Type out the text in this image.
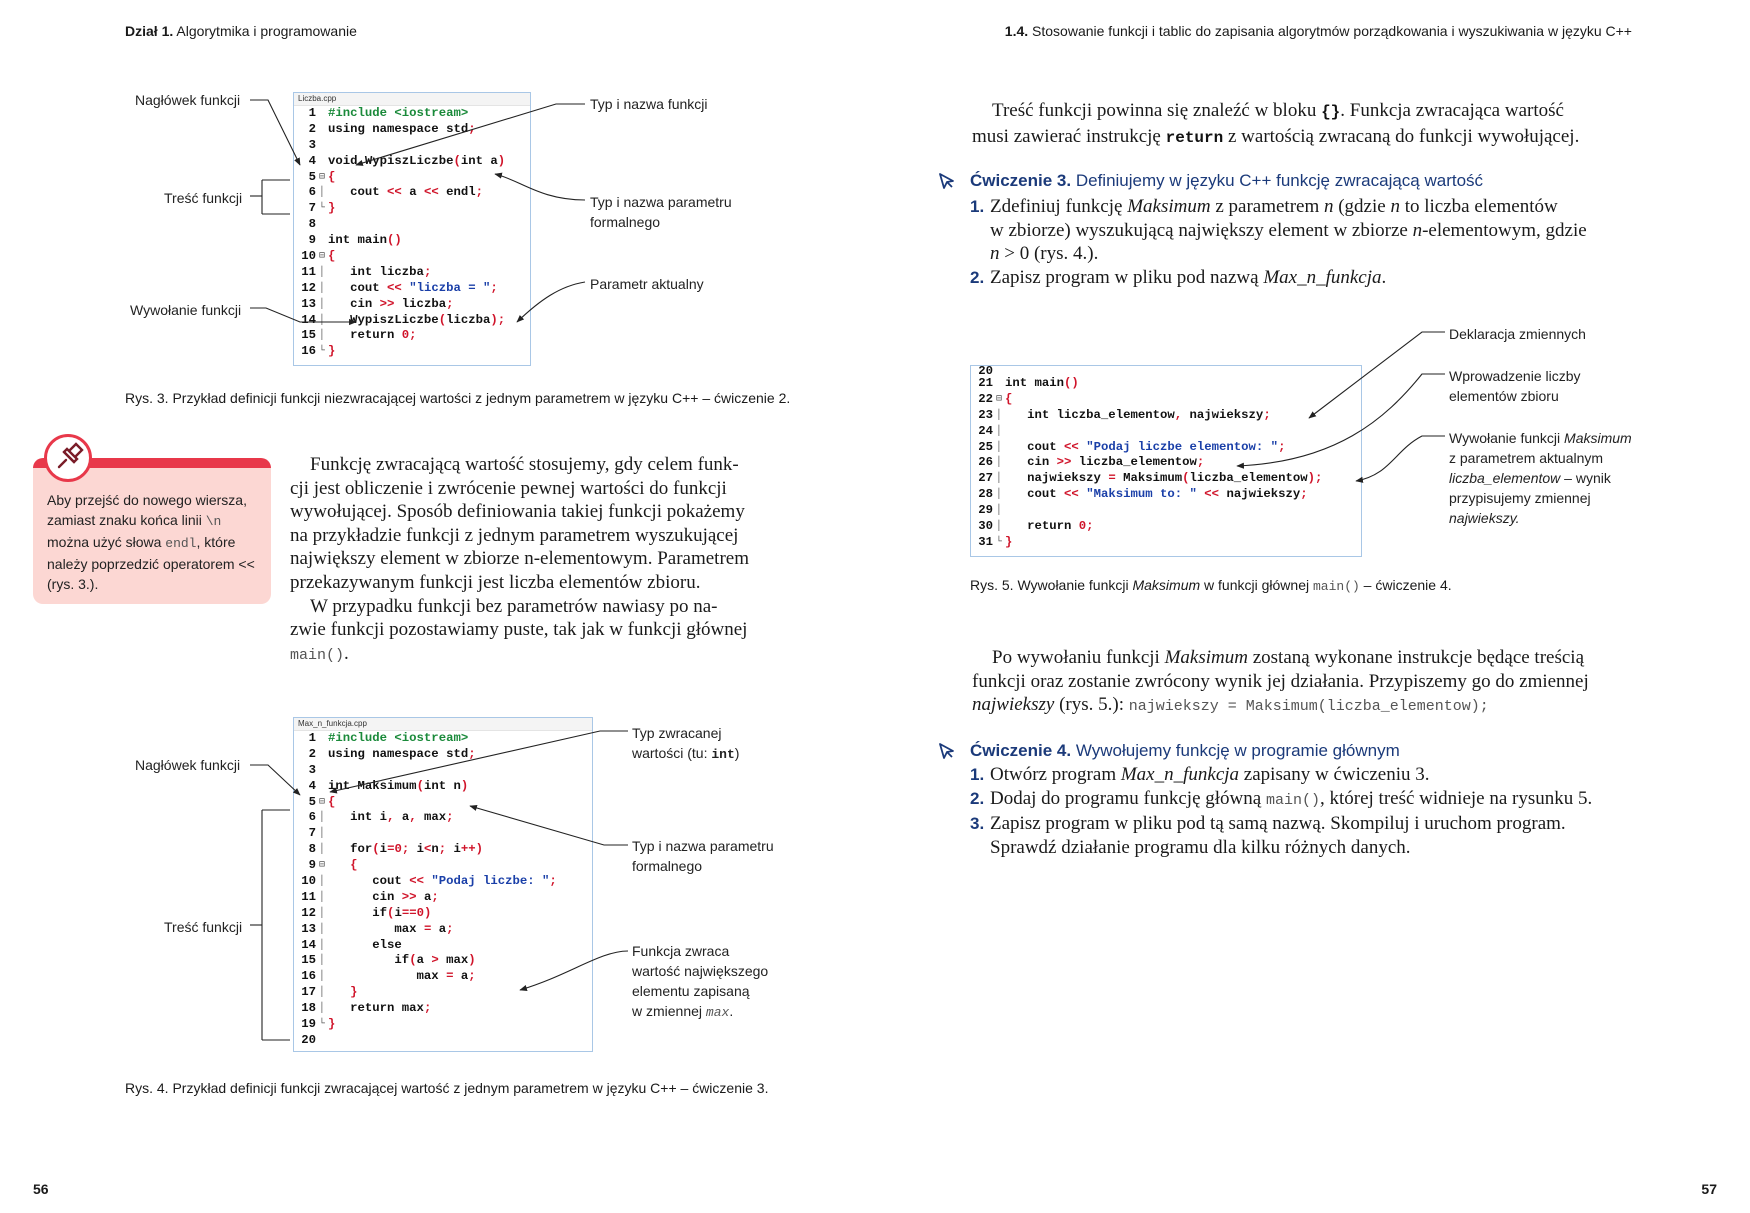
Dział 1. Algorytmika i programowanie	1.4. Stosowanie funkcji i tablic do zapisania algorytmów porządkowania i wyszukiwania w języku C++
Liczba.cpp
1 #include <iostream>
2 using namespace std;
3
4 void WypiszLiczbe(int a)
5 ⊟ {
6 │ cout << a << endl;
7 └ }
8
9 int main()
10 ⊟ {
11 │ int liczba;
12 │ cout << "liczba = ";
13 │ cin >> liczba;
14 │ WypiszLiczbe(liczba);
15 │ return 0;
16 └ }
Nagłówek funkcji
Treść funkcji
Wywołanie funkcji
Typ i nazwa funkcji
Typ i nazwa parametru
formalnego
Parametr aktualny
Rys. 3. Przykład definicji funkcji niezwracającej wartości z jednym parametrem w języku C++ – ćwiczenie 2.
Aby przejść do nowego wiersza,
zamiast znaku końca linii \n
można użyć słowa endl, które
należy poprzedzić operatorem <<
(rys. 3.).
Funkcję zwracającą wartość stosujemy, gdy celem funk-
cji jest obliczenie i zwrócenie pewnej wartości do funkcji
wywołującej. Sposób definiowania takiej funkcji pokażemy
na przykładzie funkcji z jednym parametrem wyszukującej
największy element w zbiorze n-elementowym. Parametrem
przekazywanym funkcji jest liczba elementów zbioru.
W przypadku funkcji bez parametrów nawiasy po na-
zwie funkcji pozostawiamy puste, tak jak w funkcji głównej
main().
Max_n_funkcja.cpp
1 #include <iostream>
2 using namespace std;
3
4 int Maksimum(int n)
5 ⊟ {
6 │ int i, a, max;
7 │
8 │ for(i=0; i<n; i++)
9 ⊟	{
10 │ cout << "Podaj liczbe: ";
11 │ cin >> a;
12 │ if(i==0)
13 │ max = a;
14 │ else
15 │ if(a > max)
16 │ max = a;
17 │	}
18 │ return max;
19 └ }
20
Nagłówek funkcji
Treść funkcji
Typ zwracanej
wartości (tu: int)
Typ i nazwa parametru
formalnego
Funkcja zwraca
wartość największego
elementu zapisaną
w zmiennej max.
Rys. 4. Przykład definicji funkcji zwracającej wartość z jednym parametrem w języku C++ – ćwiczenie 3.
56
Treść funkcji powinna się znaleźć w bloku {}. Funkcja zwracająca wartość
musi zawierać instrukcję return z wartością zwracaną do funkcji wywołującej.
Ćwiczenie 3. Definiujemy w języku C++ funkcję zwracającą wartość
1. Zdefiniuj funkcję Maksimum z parametrem n (gdzie n to liczba elementów
w zbiorze) wyszukującą największy element w zbiorze n-elementowym, gdzie
n > 0 (rys. 4.).
2. Zapisz program w pliku pod nazwą Max_n_funkcja.
20
21 int main()
22 ⊟ {
23 │ int liczba_elementow, najwiekszy;
24 │
25 │ cout << "Podaj liczbe elementow: ";
26 │ cin >> liczba_elementow;
27 │ najwiekszy = Maksimum(liczba_elementow);
28 │ cout << "Maksimum to: " << najwiekszy;
29 │
30 │ return 0;
31 └ }
Deklaracja zmiennych
Wprowadzenie liczby
elementów zbioru
Wywołanie funkcji Maksimum
z parametrem aktualnym
liczba_elementow – wynik
przypisujemy zmiennej
najwiekszy.
Rys. 5. Wywołanie funkcji Maksimum w funkcji głównej main() – ćwiczenie 4.
Po wywołaniu funkcji Maksimum zostaną wykonane instrukcje będące treścią
funkcji oraz zostanie zwrócony wynik jej działania. Przypiszemy go do zmiennej
najwiekszy (rys. 5.): najwiekszy = Maksimum(liczba_elementow);
Ćwiczenie 4. Wywołujemy funkcję w programie głównym
1. Otwórz program Max_n_funkcja zapisany w ćwiczeniu 3.
2. Dodaj do programu funkcję główną main(), której treść widnieje na rysunku 5.
3. Zapisz program w pliku pod tą samą nazwą. Skompiluj i uruchom program.
Sprawdź działanie programu dla kilku różnych danych.
57
